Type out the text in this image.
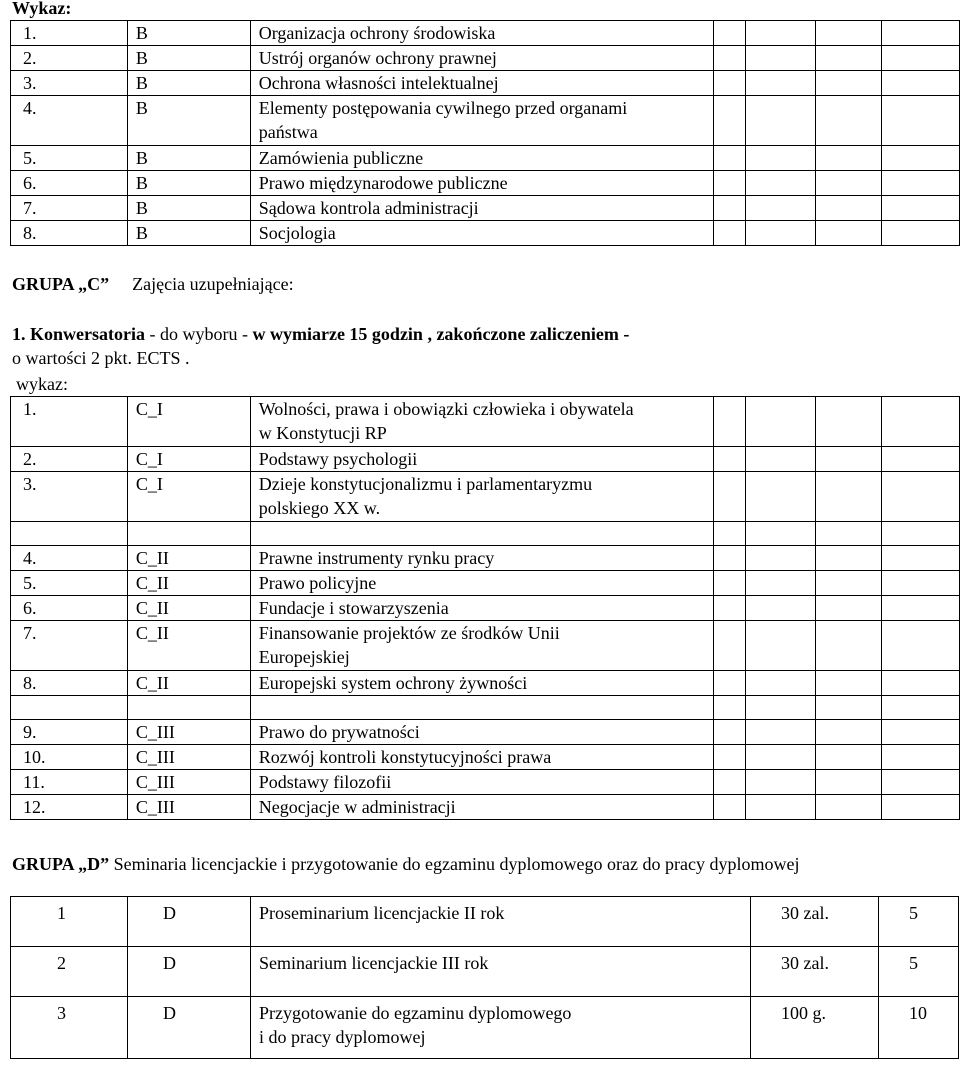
Wykaz:
1.	B	Organizacja ochrony środowiska				

2.	B	Ustrój organów ochrony prawnej				

3.	B	Ochrona własności intelektualnej				

4.	B	Elementy postępowania cywilnego przed organami
państwa				

5.	B	Zamówienia publiczne				

6.	B	Prawo międzynarodowe publiczne				

7.	B	Sądowa kontrola administracji				

8.	B	Socjologia				

GRUPA „C” Zajęcia uzupełniające:
1. Konwersatoria - do wyboru - w wymiarze 15 godzin , zakończone zaliczeniem -
o wartości 2 pkt. ECTS .
wykaz:
1.	C_I	Wolności, prawa i obowiązki człowieka i obywatela
w Konstytucji RP				

2.	C_I	Podstawy psychologii				

3.	C_I	Dzieje konstytucjonalizmu i parlamentaryzmu
polskiego XX w.				

4.	C_II	Prawne instrumenty rynku pracy				

5.	C_II	Prawo policyjne				

6.	C_II	Fundacje i stowarzyszenia				

7.	C_II	Finansowanie projektów ze środków Unii
Europejskiej				

8.	C_II	Europejski system ochrony żywności				

9.	C_III	Prawo do prywatności				

10.	C_III	Rozwój kontroli konstytucyjności prawa				

11.	C_III	Podstawy filozofii				

12.	C_III	Negocjacje w administracji				

GRUPA „D” Seminaria licencjackie i przygotowanie do egzaminu dyplomowego oraz do pracy dyplomowej
1	D	Proseminarium licencjackie II rok	30 zal.	5
2	D	Seminarium licencjackie III rok	30 zal.	5
3	D	Przygotowanie do egzaminu dyplomowego
i do pracy dyplomowej	100 g.	10
